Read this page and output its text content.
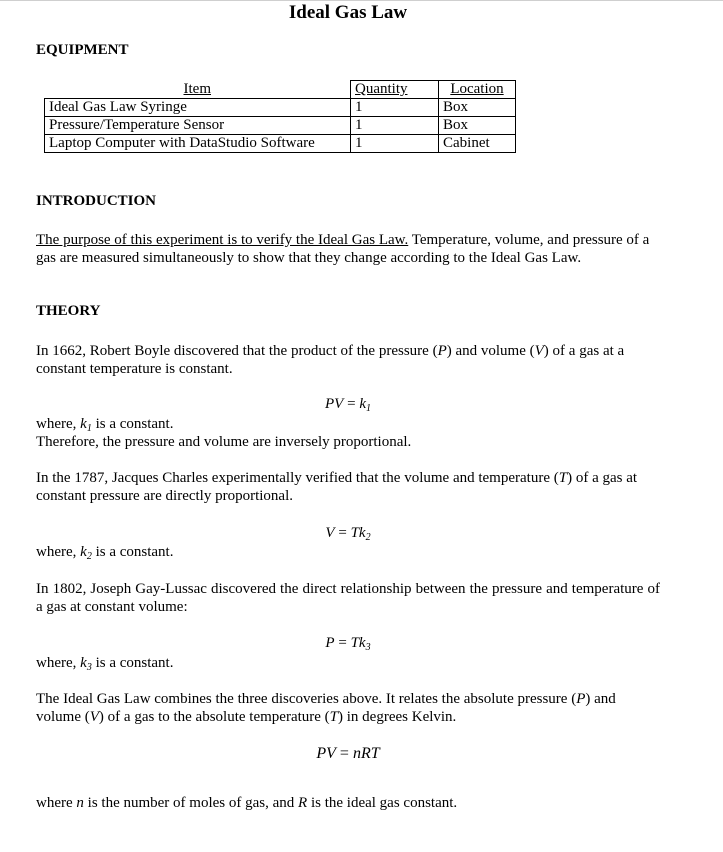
Ideal Gas Law
EQUIPMENT
Item	Quantity	Location
Ideal Gas Law Syringe	1	Box
Pressure/Temperature Sensor	1	Box
Laptop Computer with DataStudio Software	1	Cabinet
INTRODUCTION

The purpose of this experiment is to verify the Ideal Gas Law. Temperature, volume, and pressure of a gas are measured simultaneously to show that they change according to the Ideal Gas Law.

THEORY

In 1662, Robert Boyle discovered that the product of the pressure (P) and volume (V) of a gas at a constant temperature is constant.

PV = $k_1$

where, $k_1$ is a constant.

Therefore, the pressure and volume are inversely proportional.

In the 1787, Jacques Charles experimentally verified that the volume and temperature (T) of a gas at constant pressure are directly proportional.

$V = Tk_2$

where, $k_2$ is a constant.

In 1802, Joseph Gay-Lussac discovered the direct relationship between the pressure and temperature of a gas at constant volume:

$P = Tk_3$

where, $k_3$ is a constant.

The Ideal Gas Law combines the three discoveries above. It relates the absolute pressure (P) and volume (V) of a gas to the absolute temperature (T) in degrees Kelvin.

PV = nRT

where n is the number of moles of gas, and R is the ideal gas constant.
